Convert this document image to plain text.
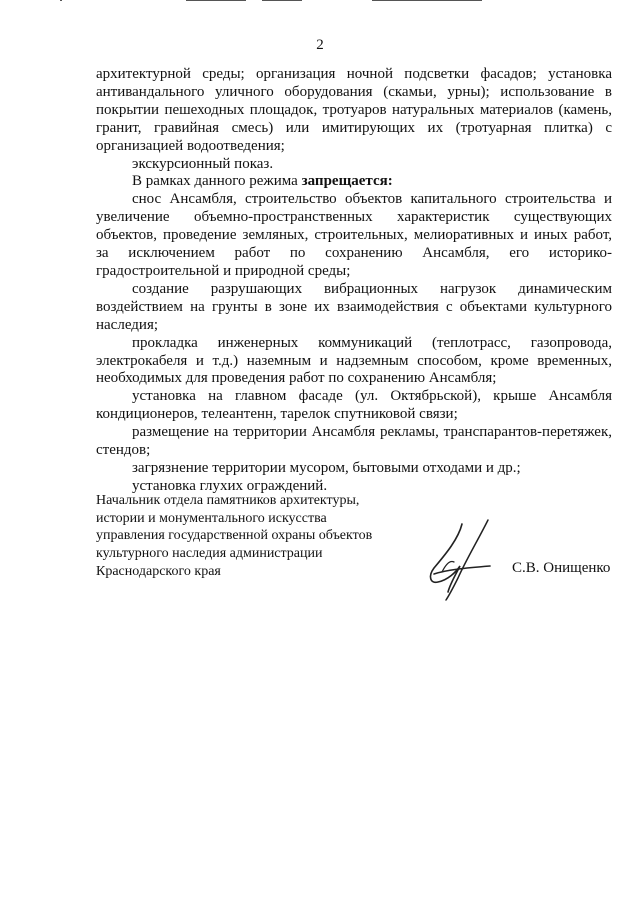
2

архитектурной среды; организация ночной подсветки фасадов; установка антивандального уличного оборудования (скамьи, урны); использование в покрытии пешеходных площадок, тротуаров натуральных материалов (камень, гранит, гравийная смесь) или имитирующих их (тротуарная плитка) с организацией водоотведения;

экскурсионный показ.

В рамках данного режима запрещается:

снос Ансамбля, строительство объектов капитального строительства и увеличение объемно-пространственных характеристик существующих объектов, проведение земляных, строительных, мелиоративных и иных работ, за исключением работ по сохранению Ансамбля, его историко-градостроительной и природной среды;

создание разрушающих вибрационных нагрузок динамическим воздействием на грунты в зоне их взаимодействия с объектами культурного наследия;

прокладка инженерных коммуникаций (теплотрасс, газопровода, электрокабеля и т.д.) наземным и надземным способом, кроме временных, необходимых для проведения работ по сохранению Ансамбля;

установка на главном фасаде (ул. Октябрьской), крыше Ансамбля кондиционеров, телеантенн, тарелок спутниковой связи;

размещение на территории Ансамбля рекламы, транспарантов-перетяжек, стендов;

загрязнение территории мусором, бытовыми отходами и др.;

установка глухих ограждений.

Начальник отдела памятников архитектуры,
истории и монументального искусства
управления государственной охраны объектов
культурного наследия администрации
Краснодарского края	С.В. Онищенко
